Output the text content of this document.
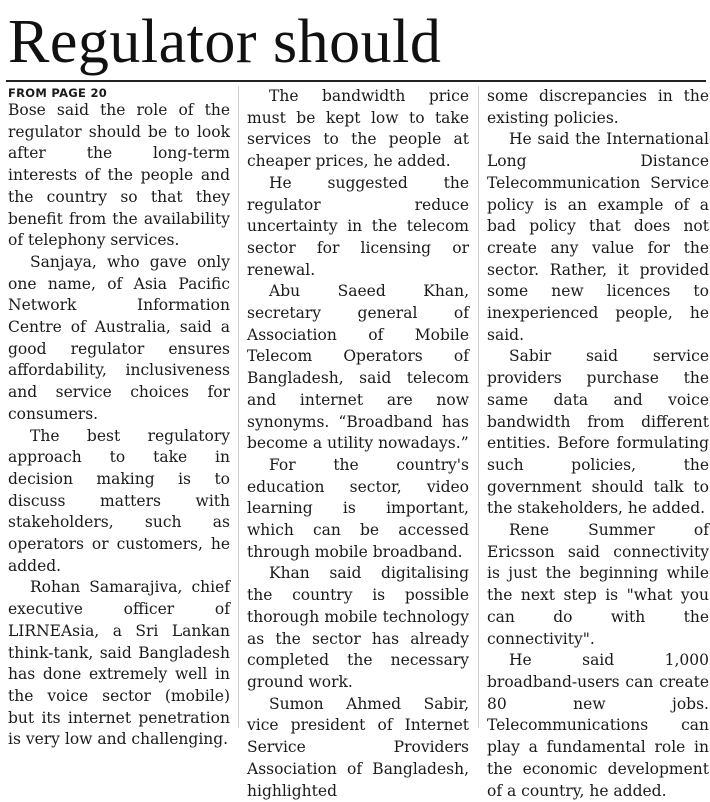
Regulator should
FROM PAGE 20

Bose said the role of the regulator should be to look after the long-term interests of the people and the country so that they benefit from the availability of telephony services.

Sanjaya, who gave only one name, of Asia Pacific Network Information Centre of Australia, said a good regulator ensures affordability, inclusiveness and service choices for consumers.

The best regulatory approach to take in decision making is to discuss matters with stakeholders, such as operators or customers, he added.

Rohan Samarajiva, chief executive officer of LIRNEAsia, a Sri Lankan think-tank, said Bangladesh has done extremely well in the voice sector (mobile) but its internet penetration is very low and challenging.

The bandwidth price must be kept low to take services to the people at cheaper prices, he added.

He suggested the regulator reduce uncertainty in the telecom sector for licensing or renewal.

Abu Saeed Khan, secretary general of Association of Mobile Telecom Operators of Bangladesh, said telecom and internet are now synonyms. “Broadband has become a utility nowadays.”

For the country's education sector, video learning is important, which can be accessed through mobile broadband.

Khan said digitalising the country is possible thorough mobile technology as the sector has already completed the necessary ground work.

Sumon Ahmed Sabir, vice president of Internet Service Providers Association of Bangladesh, highlighted

some discrepancies in the existing policies.

He said the International Long Distance Telecommunication Service policy is an example of a bad policy that does not create any value for the sector. Rather, it provided some new licences to inexperienced people, he said.

Sabir said service providers purchase the same data and voice bandwidth from different entities. Before formulating such policies, the government should talk to the stakeholders, he added.

Rene Summer of Ericsson said connectivity is just the beginning while the next step is "what you can do with the connectivity".

He said 1,000 broadband-users can create 80 new jobs. Telecommunications can play a fundamental role in the economic development of a country, he added.
